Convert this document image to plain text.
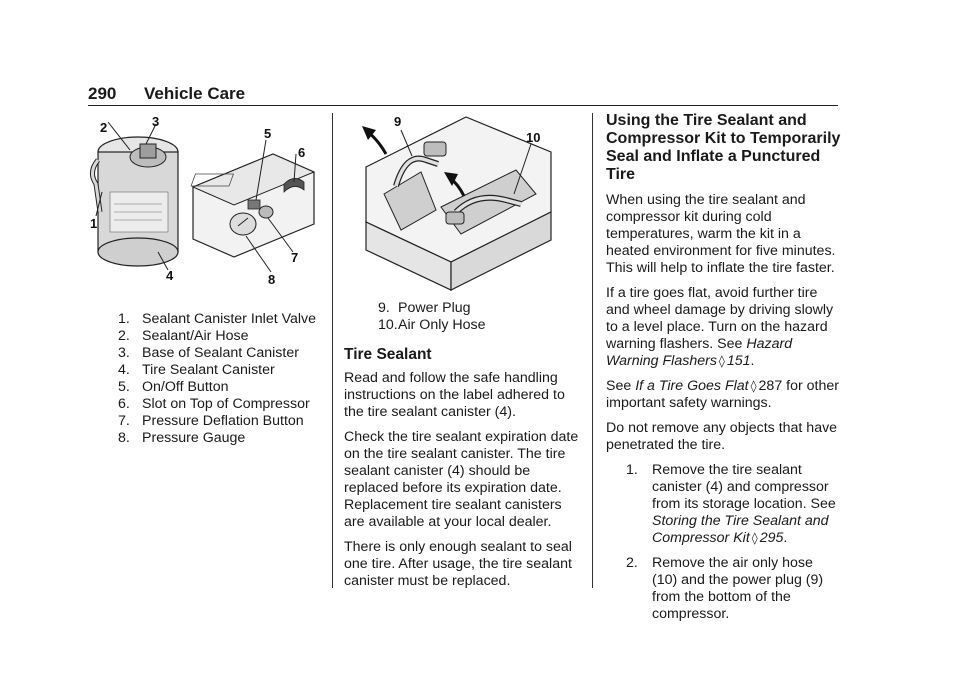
290 Vehicle Care
2	3
1
4
5
6
7
8
1. Sealant Canister Inlet Valve
2. Sealant/Air Hose
3. Base of Sealant Canister
4. Tire Sealant Canister
5. On/Off Button
6. Slot on Top of Compressor
7. Pressure Deflation Button
8. Pressure Gauge
9
10
9. Power Plug
10. Air Only Hose
Tire Sealant

Read and follow the safe handling instructions on the label adhered to the tire sealant canister (4).

Check the tire sealant expiration date on the tire sealant canister. The tire sealant canister (4) should be replaced before its expiration date. Replacement tire sealant canisters are available at your local dealer.

There is only enough sealant to seal one tire. After usage, the tire sealant canister must be replaced.

Using the Tire Sealant and Compressor Kit to Temporarily Seal and Inflate a Punctured Tire

When using the tire sealant and compressor kit during cold temperatures, warm the kit in a heated environment for five minutes. This will help to inflate the tire faster.

If a tire goes flat, avoid further tire and wheel damage by driving slowly to a level place. Turn on the hazard warning flashers. See Hazard Warning Flashers ◊ 151.

See If a Tire Goes Flat ◊ 287 for other important safety warnings.

Do not remove any objects that have penetrated the tire.

1. Remove the tire sealant canister (4) and compressor from its storage location. See Storing the Tire Sealant and Compressor Kit ◊ 295.
2. Remove the air only hose (10) and the power plug (9) from the bottom of the compressor.
